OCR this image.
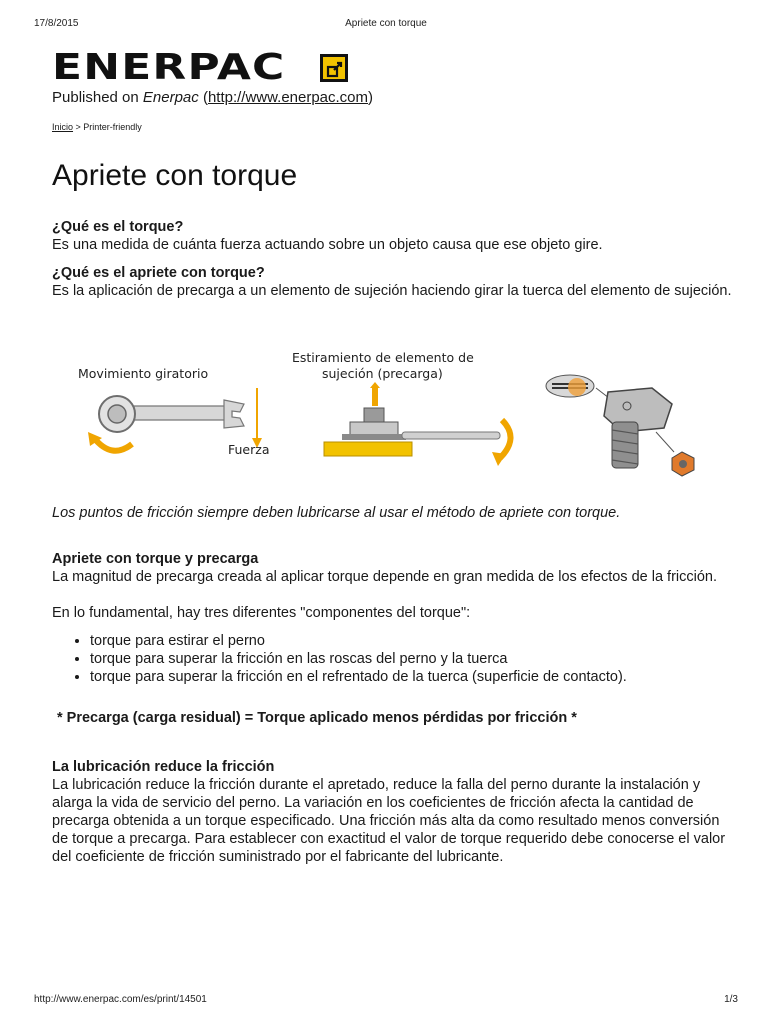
17/8/2015	Apriete con torque
ENERPAC
Published on Enerpac (http://www.enerpac.com)
Inicio > Printer-friendly
Apriete con torque
¿Qué es el torque?

Es una medida de cuánta fuerza actuando sobre un objeto causa que ese objeto gire.

¿Qué es el apriete con torque?

Es la aplicación de precarga a un elemento de sujeción haciendo girar la tuerca del elemento de sujeción.

Movimiento giratorio
Fuerza
Estiramiento de elemento de
sujeción (precarga)
Los puntos de fricción siempre deben lubricarse al usar el método de apriete con torque.
Apriete con torque y precarga

La magnitud de precarga creada al aplicar torque depende en gran medida de los efectos de la fricción.

En lo fundamental, hay tres diferentes "componentes del torque":

• torque para estirar el perno
• torque para superar la fricción en las roscas del perno y la tuerca
• torque para superar la fricción en el refrentado de la tuerca (superficie de contacto).
* Precarga (carga residual) = Torque aplicado menos pérdidas por fricción *
La lubricación reduce la fricción

La lubricación reduce la fricción durante el apretado, reduce la falla del perno durante la instalación y alarga la vida de servicio del perno. La variación en los coeficientes de fricción afecta la cantidad de precarga obtenida a un torque especificado. Una fricción más alta da como resultado menos conversión de torque a precarga. Para establecer con exactitud el valor de torque requerido debe conocerse el valor del coeficiente de fricción suministrado por el fabricante del lubricante.

http://www.enerpac.com/es/print/14501	1/3
